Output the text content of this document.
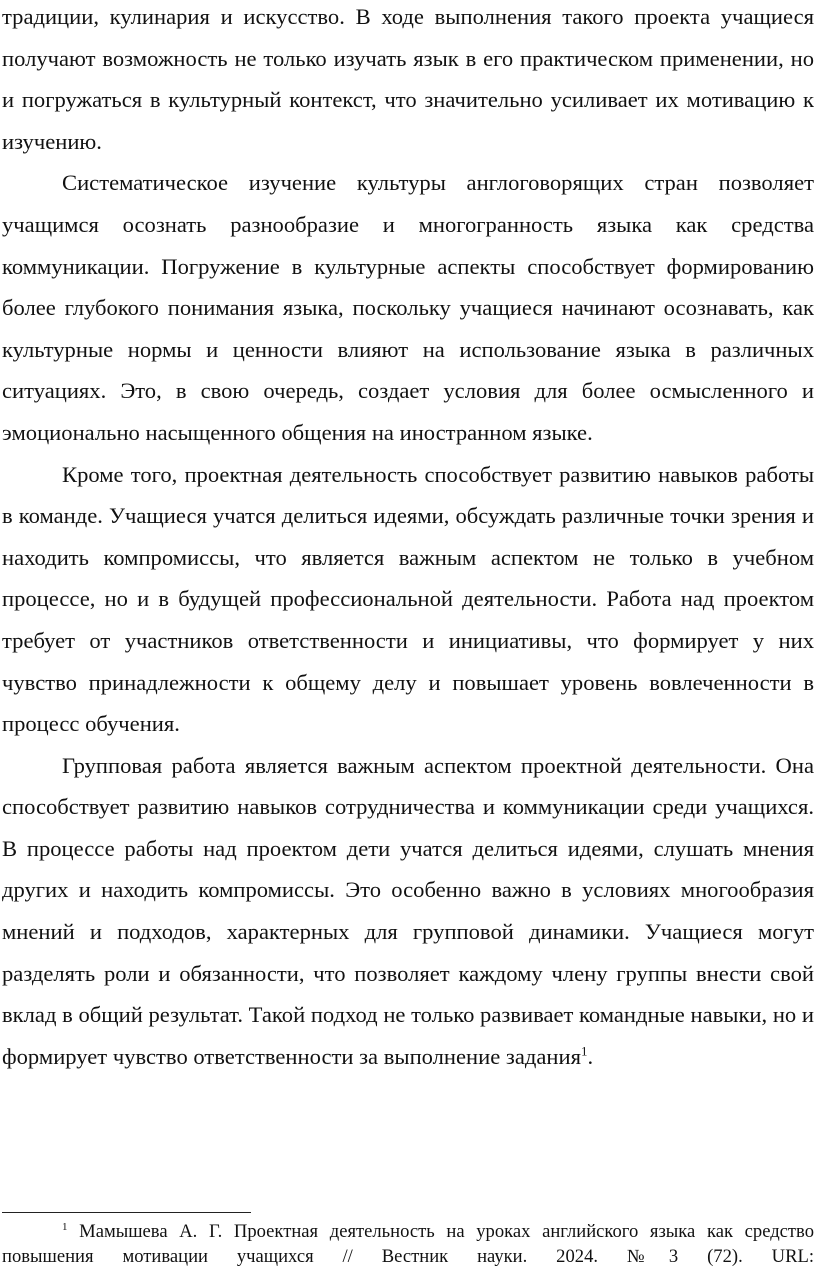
традиции, кулинария и искусство. В ходе выполнения такого проекта учащиеся получают возможность не только изучать язык в его практическом применении, но и погружаться в культурный контекст, что значительно усиливает их мотивацию к изучению.

Систематическое изучение культуры англоговорящих стран позволяет учащимся осознать разнообразие и многогранность языка как средства коммуникации. Погружение в культурные аспекты способствует формированию более глубокого понимания языка, поскольку учащиеся начинают осознавать, как культурные нормы и ценности влияют на использование языка в различных ситуациях. Это, в свою очередь, создает условия для более осмысленного и эмоционально насыщенного общения на иностранном языке.

Кроме того, проектная деятельность способствует развитию навыков работы в команде. Учащиеся учатся делиться идеями, обсуждать различные точки зрения и находить компромиссы, что является важным аспектом не только в учебном процессе, но и в будущей профессиональной деятельности. Работа над проектом требует от участников ответственности и инициативы, что формирует у них чувство принадлежности к общему делу и повышает уровень вовлеченности в процесс обучения.

Групповая работа является важным аспектом проектной деятельности. Она способствует развитию навыков сотрудничества и коммуникации среди учащихся. В процессе работы над проектом дети учатся делиться идеями, слушать мнения других и находить компромиссы. Это особенно важно в условиях многообразия мнений и подходов, характерных для групповой динамики. Учащиеся могут разделять роли и обязанности, что позволяет каждому члену группы внести свой вклад в общий результат. Такой подход не только развивает командные навыки, но и формирует чувство ответственности за выполнение задания$^1$.

$^1$ Мамышева А. Г. Проектная деятельность на уроках английского языка как средство повышения мотивации учащихся // Вестник науки. 2024. №3 (72). URL:
